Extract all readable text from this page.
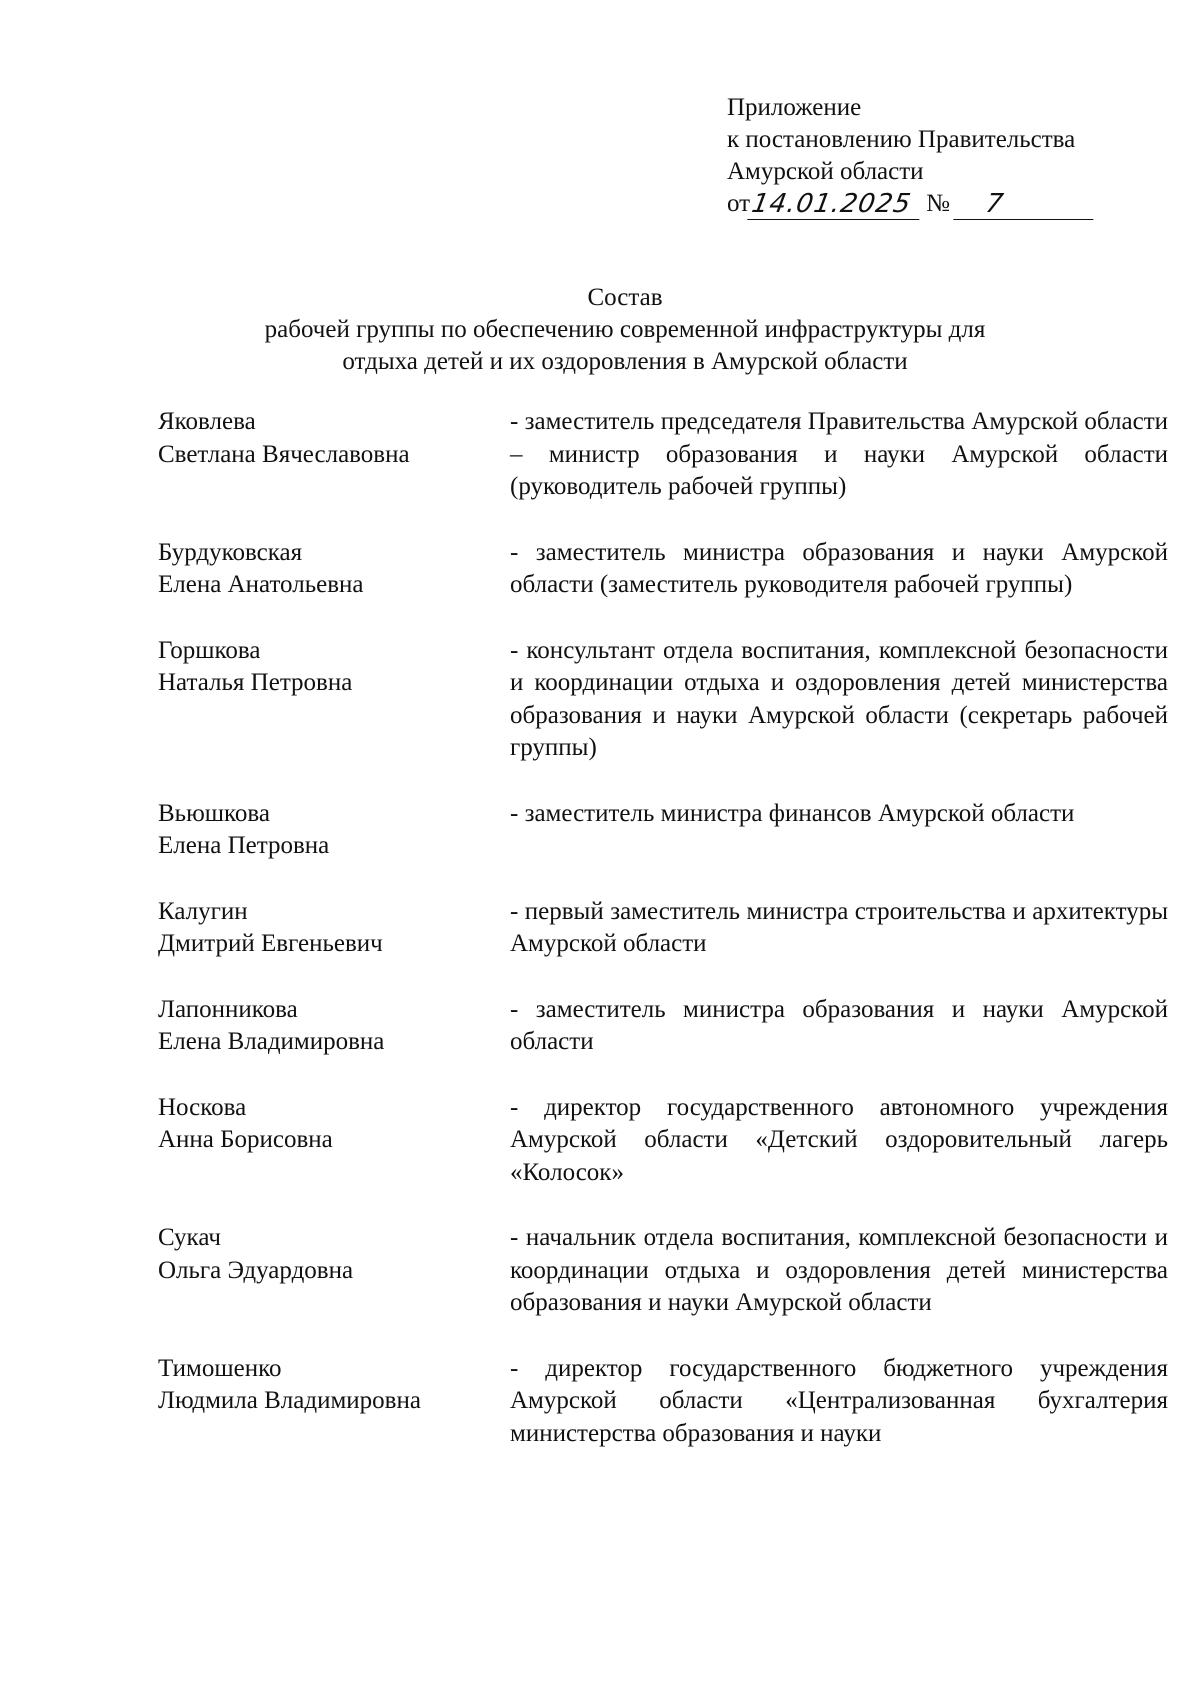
Приложение
к постановлению Правительства
Амурской области
от 14.01.2025 №	7
Состав
рабочей группы по обеспечению современной инфраструктуры для
отдыха детей и их оздоровления в Амурской области
Яковлева
Светлана Вячеславовна
- заместитель председателя Правительства Амурской области – министр образования и науки Амурской области (руководитель рабочей группы)
Бурдуковская
Елена Анатольевна
- заместитель министра образования и науки Амурской области (заместитель руководителя рабочей группы)
Горшкова
Наталья Петровна
- консультант отдела воспитания, комплексной безопасности и координации отдыха и оздоровления детей министерства образования и науки Амурской области (секретарь рабочей группы)
Вьюшкова
Елена Петровна
- заместитель министра финансов Амурской области
Калугин
Дмитрий Евгеньевич
- первый заместитель министра строительства и архитектуры Амурской области
Лапонникова
Елена Владимировна
- заместитель министра образования и науки Амурской области
Носкова
Анна Борисовна
- директор государственного автономного учреждения Амурской области «Детский оздоровительный лагерь «Колосок»
Сукач
Ольга Эдуардовна
- начальник отдела воспитания, комплексной безопасности и координации отдыха и оздоровления детей министерства образования и науки Амурской области
Тимошенко
Людмила Владимировна
- директор государственного бюджетного учреждения Амурской области «Централизованная бухгалтерия министерства образования и науки
